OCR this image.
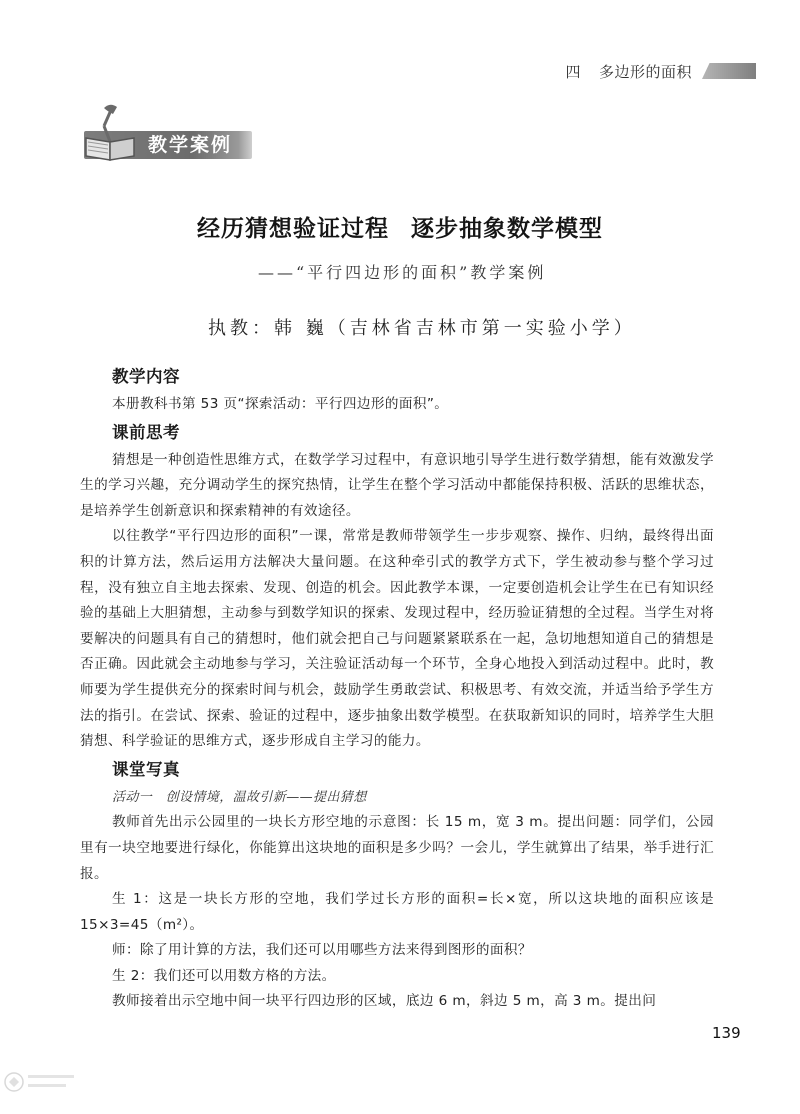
四 多边形的面积
教学案例
经历猜想验证过程 逐步抽象数学模型
——“平行四边形的面积”教学案例
执教：韩 巍（吉林省吉林市第一实验小学）
教学内容

本册教科书第 53 页“探索活动：平行四边形的面积”。

课前思考

猜想是一种创造性思维方式，在数学学习过程中，有意识地引导学生进行数学猜想，能有效激发学生的学习兴趣，充分调动学生的探究热情，让学生在整个学习活动中都能保持积极、活跃的思维状态，是培养学生创新意识和探索精神的有效途径。

以往教学“平行四边形的面积”一课，常常是教师带领学生一步步观察、操作、归纳，最终得出面积的计算方法，然后运用方法解决大量问题。在这种牵引式的教学方式下，学生被动参与整个学习过程，没有独立自主地去探索、发现、创造的机会。因此教学本课，一定要创造机会让学生在已有知识经验的基础上大胆猜想，主动参与到数学知识的探索、发现过程中，经历验证猜想的全过程。当学生对将要解决的问题具有自己的猜想时，他们就会把自己与问题紧紧联系在一起，急切地想知道自己的猜想是否正确。因此就会主动地参与学习，关注验证活动每一个环节，全身心地投入到活动过程中。此时，教师要为学生提供充分的探索时间与机会，鼓励学生勇敢尝试、积极思考、有效交流，并适当给予学生方法的指引。在尝试、探索、验证的过程中，逐步抽象出数学模型。在获取新知识的同时，培养学生大胆猜想、科学验证的思维方式，逐步形成自主学习的能力。

课堂写真

活动一　创设情境，温故引新——提出猜想

教师首先出示公园里的一块长方形空地的示意图：长 15 m，宽 3 m。提出问题：同学们，公园里有一块空地要进行绿化，你能算出这块地的面积是多少吗？一会儿，学生就算出了结果，举手进行汇报。

生 1：这是一块长方形的空地，我们学过长方形的面积=长×宽，所以这块地的面积应该是 15×3=45（m²）。

师：除了用计算的方法，我们还可以用哪些方法来得到图形的面积？

生 2：我们还可以用数方格的方法。

教师接着出示空地中间一块平行四边形的区域，底边 6 m，斜边 5 m，高 3 m。提出问

139
